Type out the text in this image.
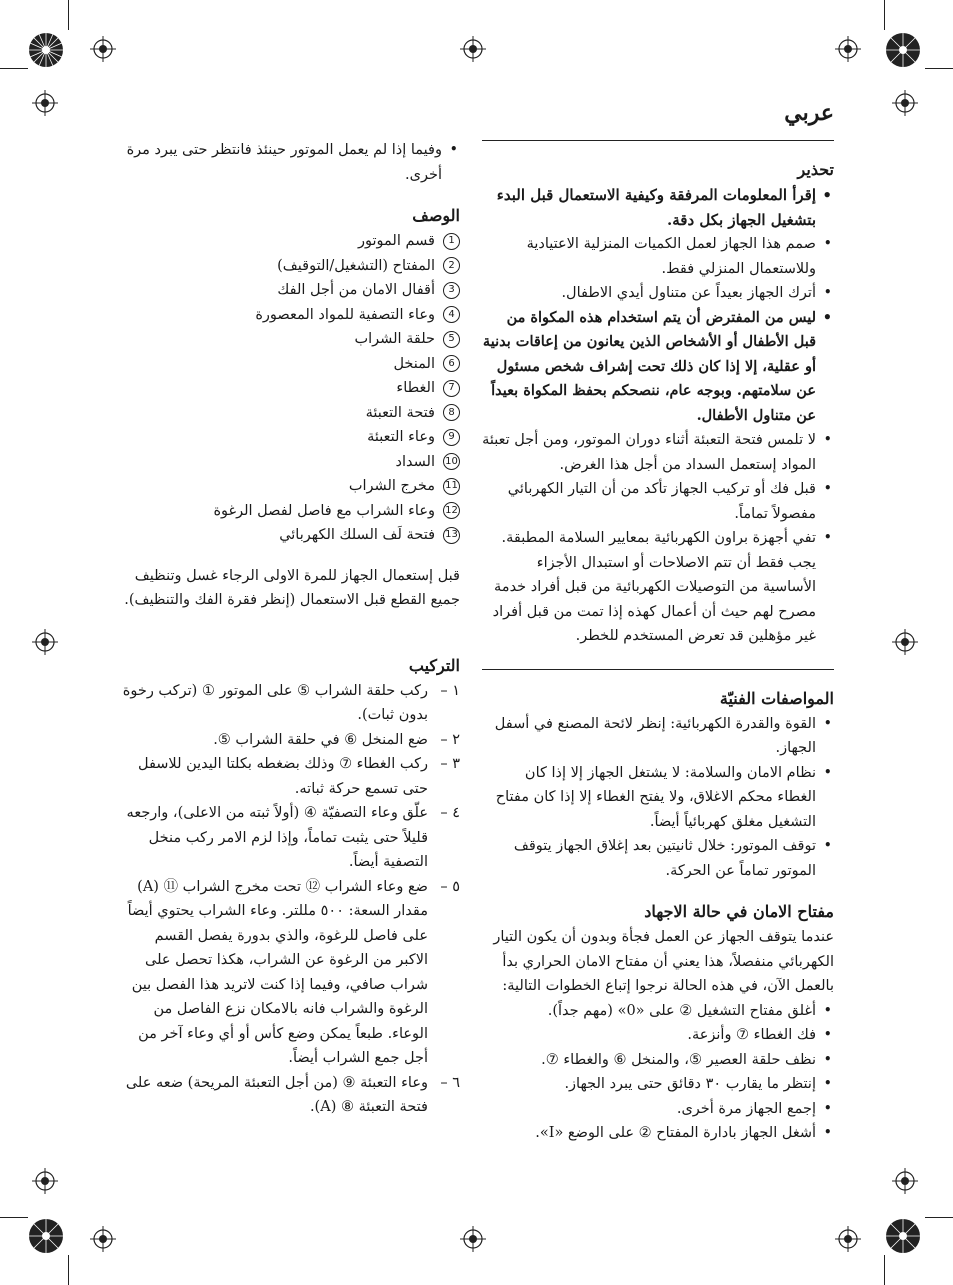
عربي
تحذير
• إقرأ المعلومات المرفقة وكيفية الاستعمال قبل البدء بتشغيل الجهاز بكل دقة.
• صمم هذا الجهاز لعمل الكميات المنزلية الاعتيادية وللاستعمال المنزلي فقط.
• أترك الجهاز بعيداً عن متناول أيدي الاطفال.
• ليس من المفترض أن يتم استخدام هذه المكواة من قبل الأطفال أو الأشخاص الذين يعانون من إعاقات بدنية أو عقلية، إلا إذا كان ذلك تحت إشراف شخص مسئول عن سلامتهم. وبوجه عام، ننصحكم بحفظ المكواة بعيداً عن متناول الأطفال.
• لا تلمس فتحة التعبئة أثناء دوران الموتور، ومن أجل تعبئة المواد إستعمل السداد من أجل هذا الغرض.
• قبل فك أو تركيب الجهاز تأكد من أن التيار الكهربائي مفصولاً تماماً.
• تفي أجهزة براون الكهربائية بمعايير السلامة المطبقة. يجب فقط أن تتم الاصلاحات أو استبدال الأجزاء الأساسية من التوصيلات الكهربائية من قبل أفراد خدمة مصرح لهم حيث أن أعمال كهذه إذا تمت من قبل أفراد غير مؤهلين قد تعرض المستخدم للخطر.
المواصفات الفنيّة
• القوة والقدرة الكهربائية: إنظر لائحة المصنع في أسفل الجهاز.
• نظام الامان والسلامة: لا يشتغل الجهاز إلا إذا كان الغطاء محكم الاغلاق، ولا يفتح الغطاء إلا إذا كان مفتاح التشغيل مغلق كهربائياً أيضاً.
• توقف الموتور: خلال ثانيتين بعد إغلاق الجهاز يتوقف الموتور تماماً عن الحركة.
مفتاح الامان في حالة الاجهاد
عندما يتوقف الجهاز عن العمل فجأة وبدون أن يكون التيار الكهربائي منفصلاً، هذا يعني أن مفتاح الامان الحراري بدأ بالعمل الآن، في هذه الحالة نرجوا إتباع الخطوات التالية:
• أغلق مفتاح التشغيل ② على «0» (مهم جداً).
• فك الغطاء ⑦ وأنزعة.
• نظف حلقة العصير ⑤، والمنخل ⑥ والغطاء ⑦.
• إنتظر ما يقارب ٣٠ دقائق حتى يبرد الجهاز.
• إجمع الجهاز مرة أخرى.
• أشغل الجهاز بادارة المفتاح ② على الوضع «I».
• وفيما إذا لم يعمل الموتور حينئذ فانتظر حتى يبرد مرة أخرى.
الوصف
1
قسم الموتور
2
المفتاح (التشغيل/التوقيف)
3
أقفال الامان من أجل الفك
4
وعاء التصفية للمواد المعصورة
5
حلقة الشراب
6
المنخل
7
الغطاء
8
فتحة التعبئة
9
وعاء التعبئة
10
السداد
11
مخرج الشراب
12
وعاء الشراب مع فاصل لفصل الرغوة
13
فتحة لَف السلك الكهربائي
قبل إستعمال الجهاز للمرة الاولى الرجاء غسل وتنظيف جميع القطع قبل الاستعمال (إنظر فقرة الفك والتنظيف).
التركيب
١ –
ركب حلقة الشراب ⑤ على الموتور ① (تركب رخوة بدون ثبات).
٢ –
ضع المنخل ⑥ في حلقة الشراب ⑤.
٣ –
ركب الغطاء ⑦ وذلك بضغطه بكلتا اليدين للاسفل حتى تسمع حركة ثباته.
٤ –
علّق وعاء التصفيّة ④ (أولاً ثبته من الاعلى)، وارجعه قليلاً حتى يثبت تماماً، وإذا لزم الامر ركب منخل التصفية أيضاً.
٥ –
ضع وعاء الشراب ⑫ تحت مخرج الشراب ⑪ (A) مقدار السعة: ٥٠٠ مللتر. وعاء الشراب يحتوي أيضاً على فاصل للرغوة، والذي بدورة يفصل القسم الاكبر من الرغوة عن الشراب، هكذا تحصل على شراب صافي، وفيما إذا كنت لاتريد هذا الفصل بين الرغوة والشراب فانه بالامكان نزع الفاصل من الوعاء. طبعاً يمكن وضع كأس أو أي وعاء آخر من أجل جمع الشراب أيضاً.
٦ –
وعاء التعبئة ⑨ (من أجل التعبئة المريحة) ضعه على فتحة التعبئة ⑧ (A).
